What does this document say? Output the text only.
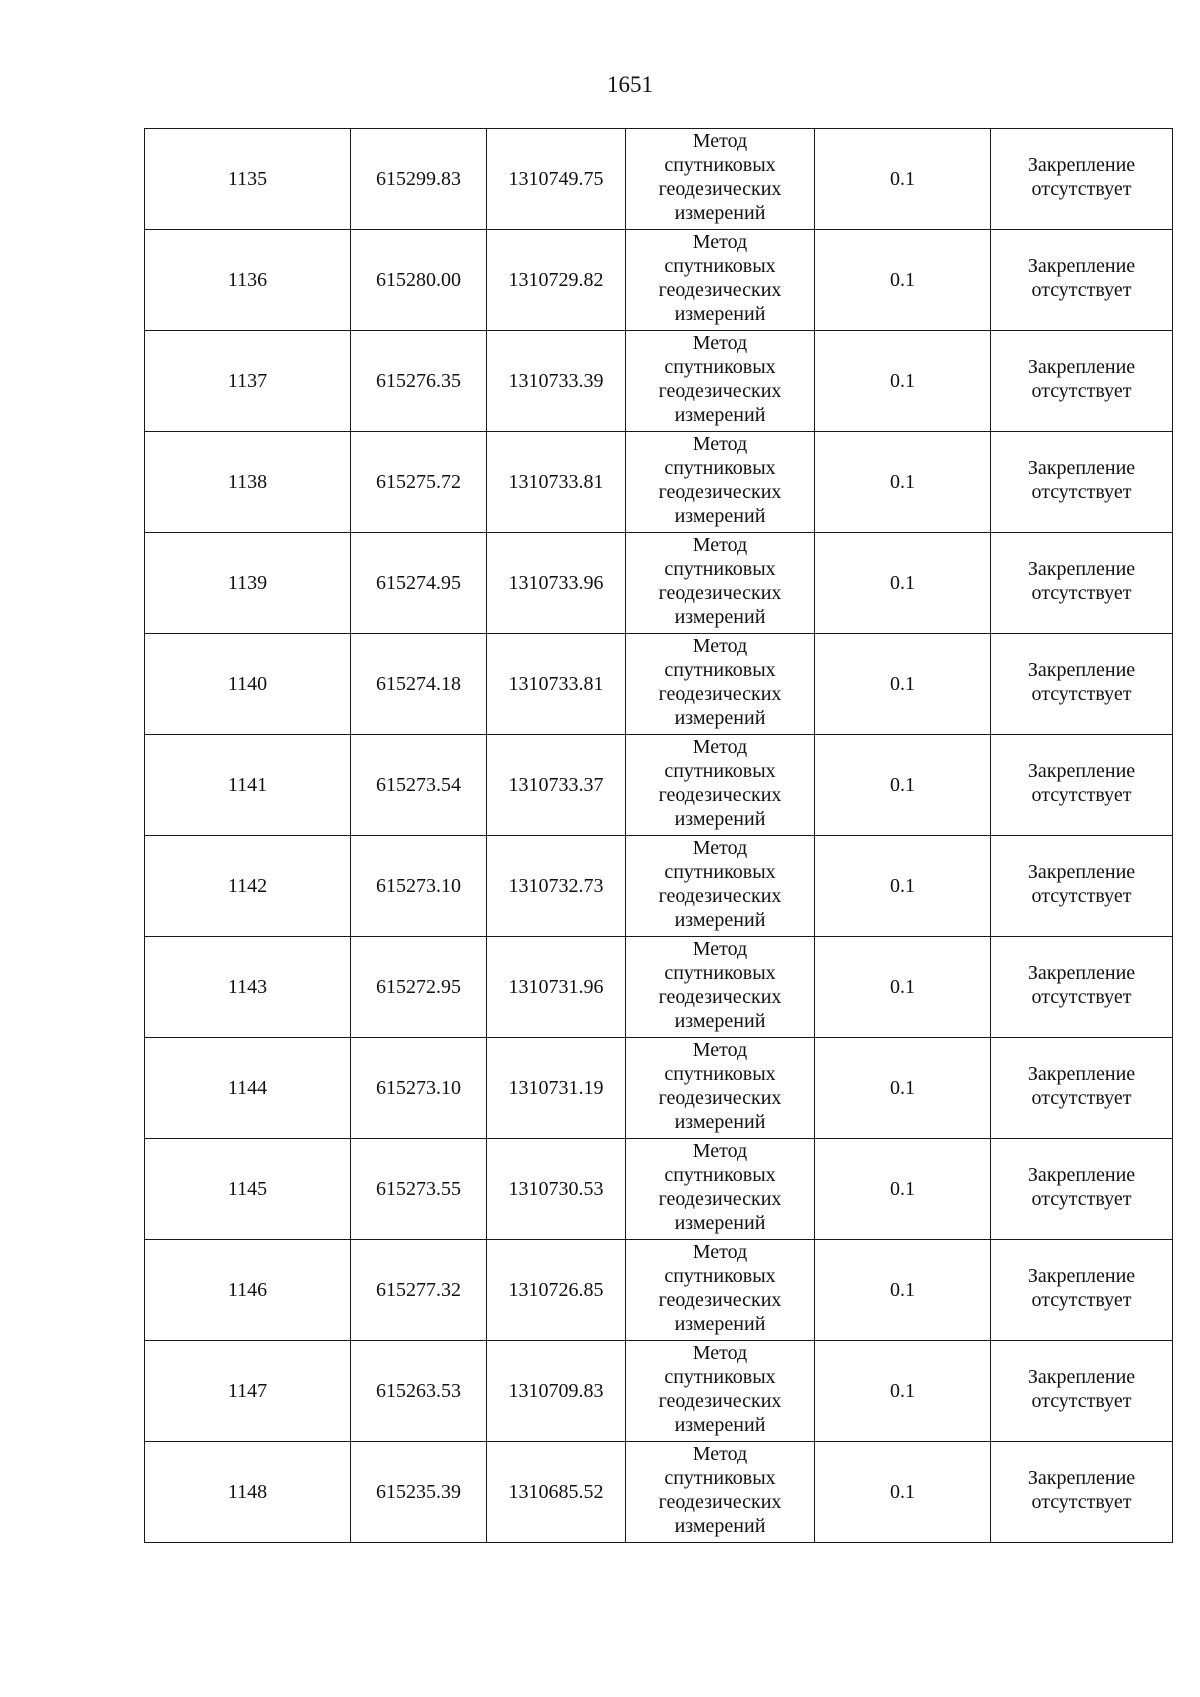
1651
1135	615299.83	1310749.75	Метод
спутниковых
геодезических
измерений	0.1	Закрепление
отсутствует

1136	615280.00	1310729.82	Метод
спутниковых
геодезических
измерений	0.1	Закрепление
отсутствует

1137	615276.35	1310733.39	Метод
спутниковых
геодезических
измерений	0.1	Закрепление
отсутствует

1138	615275.72	1310733.81	Метод
спутниковых
геодезических
измерений	0.1	Закрепление
отсутствует

1139	615274.95	1310733.96	Метод
спутниковых
геодезических
измерений	0.1	Закрепление
отсутствует

1140	615274.18	1310733.81	Метод
спутниковых
геодезических
измерений	0.1	Закрепление
отсутствует

1141	615273.54	1310733.37	Метод
спутниковых
геодезических
измерений	0.1	Закрепление
отсутствует

1142	615273.10	1310732.73	Метод
спутниковых
геодезических
измерений	0.1	Закрепление
отсутствует

1143	615272.95	1310731.96	Метод
спутниковых
геодезических
измерений	0.1	Закрепление
отсутствует

1144	615273.10	1310731.19	Метод
спутниковых
геодезических
измерений	0.1	Закрепление
отсутствует

1145	615273.55	1310730.53	Метод
спутниковых
геодезических
измерений	0.1	Закрепление
отсутствует

1146	615277.32	1310726.85	Метод
спутниковых
геодезических
измерений	0.1	Закрепление
отсутствует

1147	615263.53	1310709.83	Метод
спутниковых
геодезических
измерений	0.1	Закрепление
отсутствует

1148	615235.39	1310685.52	Метод
спутниковых
геодезических
измерений	0.1	Закрепление
отсутствует
